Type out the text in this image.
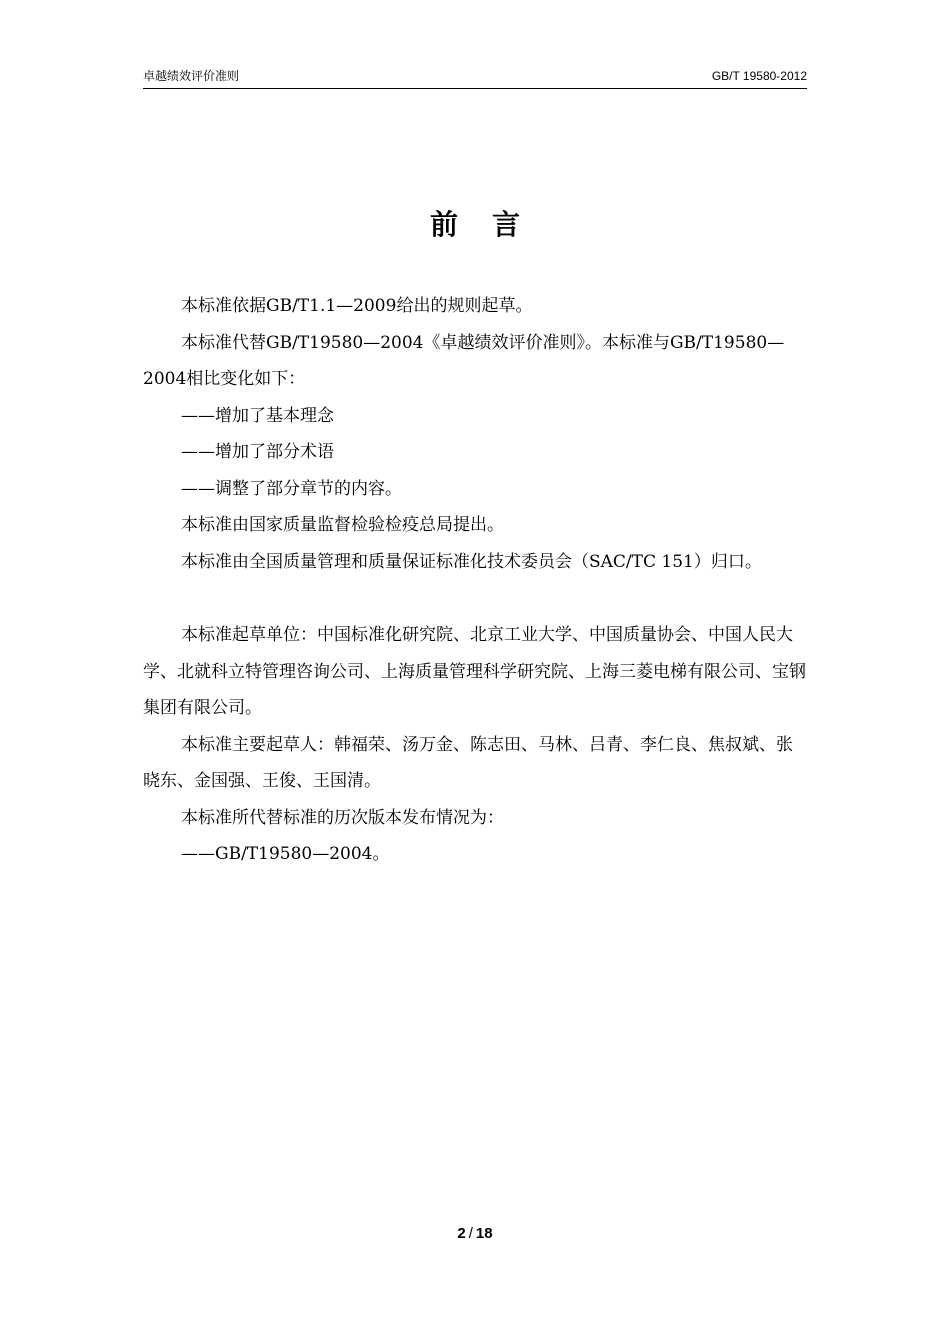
卓越绩效评价准则	GB/T 19580-2012
前言

本标准依据GB/T1.1—2009给出的规则起草。

本标准代替GB/T19580—2004《卓越绩效评价准则》。本标准与GB/T19580—2004相比变化如下：

——增加了基本理念

——增加了部分术语

——调整了部分章节的内容。

本标准由国家质量监督检验检疫总局提出。

本标准由全国质量管理和质量保证标准化技术委员会（SAC/TC 151）归口。

本标准起草单位：中国标准化研究院、北京工业大学、中国质量协会、中国人民大学、北就科立特管理咨询公司、上海质量管理科学研究院、上海三菱电梯有限公司、宝钢集团有限公司。

本标准主要起草人：韩福荣、汤万金、陈志田、马林、吕青、李仁良、焦叔斌、张晓东、金国强、王俊、王国清。

本标准所代替标准的历次版本发布情况为：

——GB/T19580—2004。

2 / 18
